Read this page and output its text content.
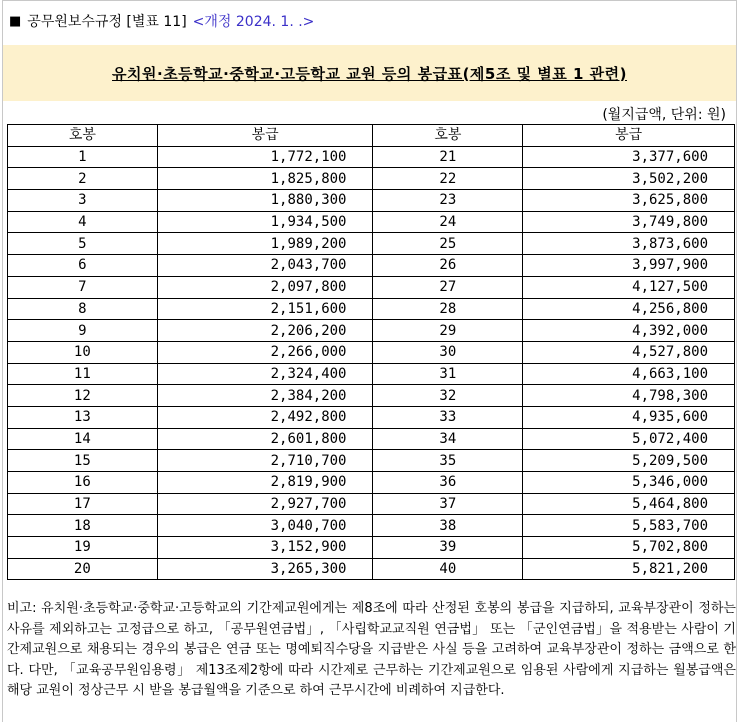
■ 공무원보수규정 [별표 11] <개정 2024. 1. .>
유치원·초등학교·중학교·고등학교 교원 등의 봉급표(제5조 및 별표 1 관련)
(월지급액, 단위: 원)
호봉	봉급	호봉	봉급
1	1,772,100	21	3,377,600
2	1,825,800	22	3,502,200
3	1,880,300	23	3,625,800
4	1,934,500	24	3,749,800
5	1,989,200	25	3,873,600
6	2,043,700	26	3,997,900
7	2,097,800	27	4,127,500
8	2,151,600	28	4,256,800
9	2,206,200	29	4,392,000
10	2,266,000	30	4,527,800
11	2,324,400	31	4,663,100
12	2,384,200	32	4,798,300
13	2,492,800	33	4,935,600
14	2,601,800	34	5,072,400
15	2,710,700	35	5,209,500
16	2,819,900	36	5,346,000
17	2,927,700	37	5,464,800
18	3,040,700	38	5,583,700
19	3,152,900	39	5,702,800
20	3,265,300	40	5,821,200
비고: 유치원·초등학교·중학교·고등학교의 기간제교원에게는 제8조에 따라 산정된 호봉의 봉급을 지급하되, 교육부장관이 정하는 사유를 제외하고는 고정급으로 하고, 「공무원연금법」, 「사립학교교직원 연금법」 또는 「군인연금법」을 적용받는 사람이 기간제교원으로 채용되는 경우의 봉급은 연금 또는 명예퇴직수당을 지급받은 사실 등을 고려하여 교육부장관이 정하는 금액으로 한다. 다만, 「교육공무원임용령」 제13조제2항에 따라 시간제로 근무하는 기간제교원으로 임용된 사람에게 지급하는 월봉급액은 해당 교원이 정상근무 시 받을 봉급월액을 기준으로 하여 근무시간에 비례하여 지급한다.
